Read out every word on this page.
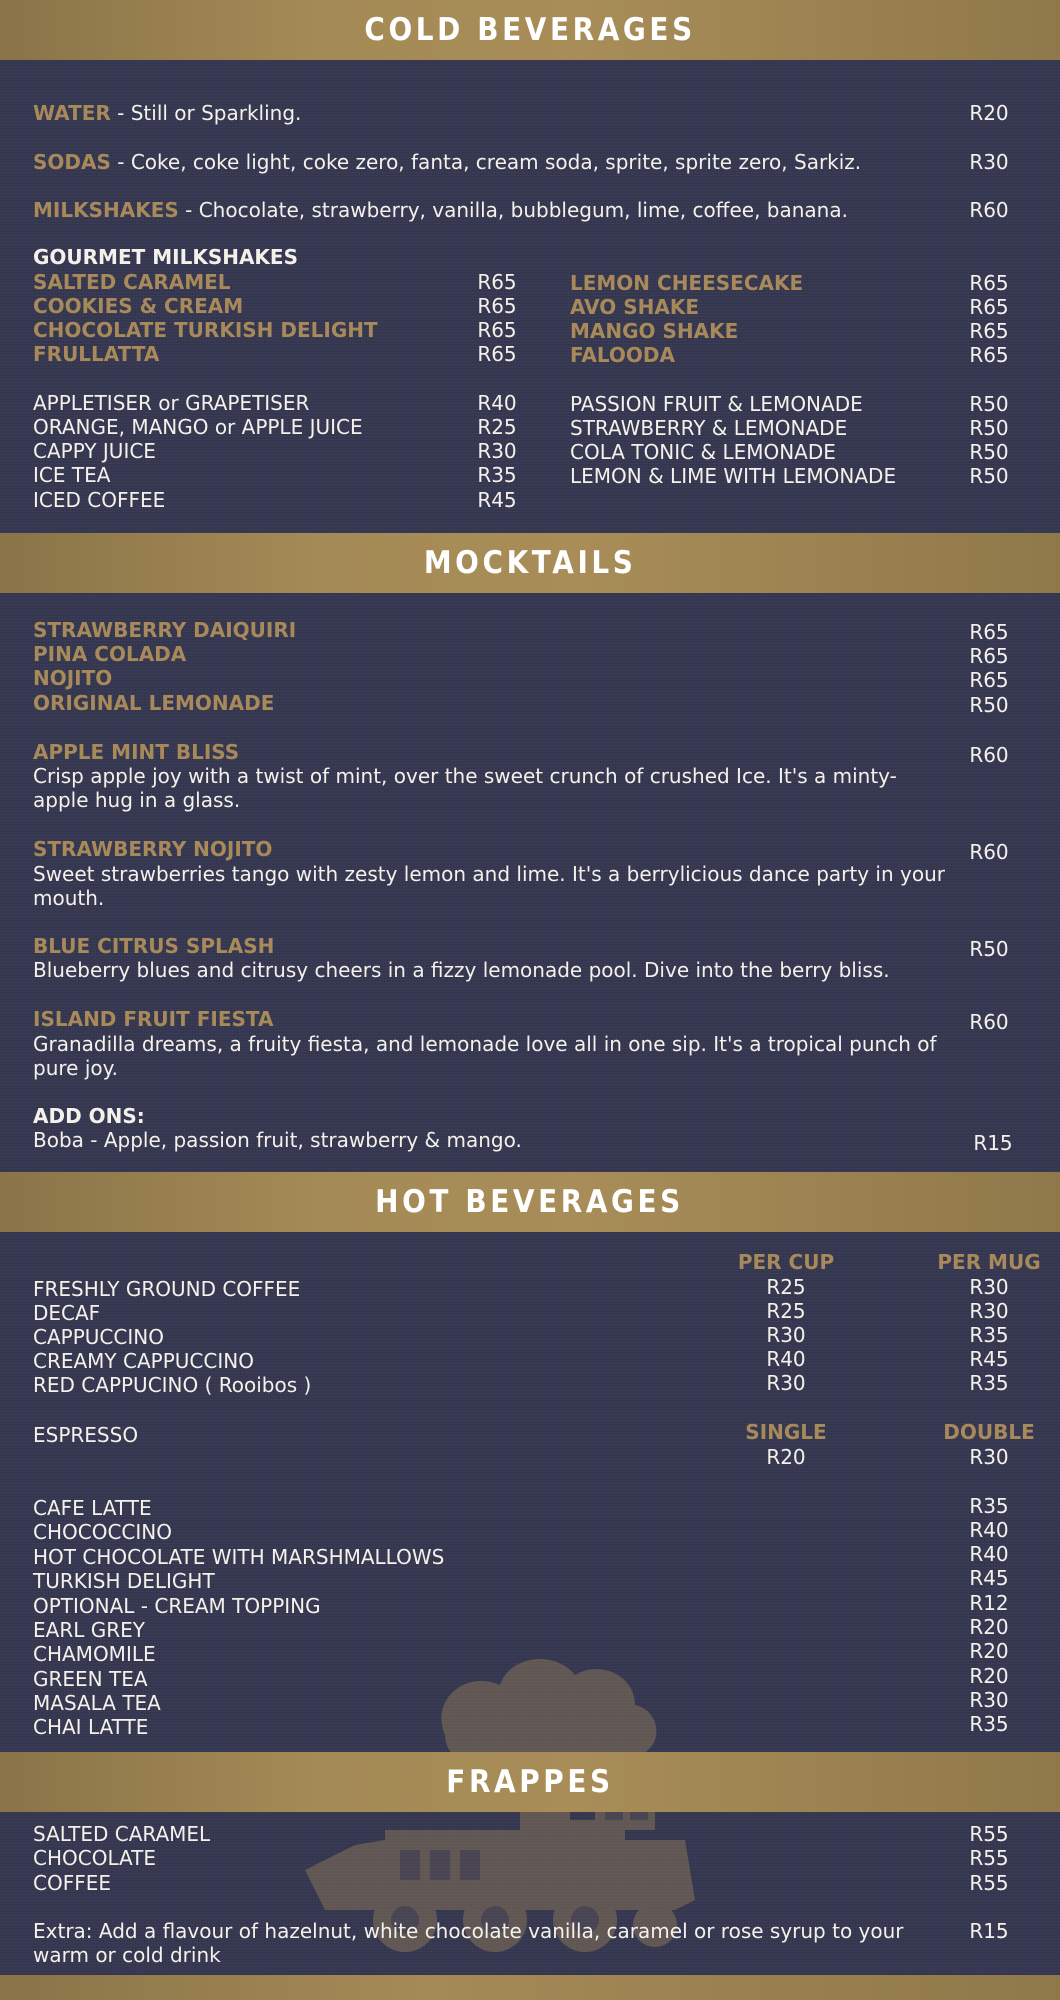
COLD BEVERAGES
WATER - Still or Sparkling.	R20
SODAS - Coke, coke light, coke zero, fanta, cream soda, sprite, sprite zero, Sarkiz.	R30
MILKSHAKES - Chocolate, strawberry, vanilla, bubblegum, lime, coffee, banana.	R60
GOURMET MILKSHAKES
SALTED CARAMEL	R65
COOKIES & CREAM	R65
CHOCOLATE TURKISH DELIGHT	R65
FRULLATTA	R65
LEMON CHEESECAKE	R65
AVO SHAKE	R65
MANGO SHAKE	R65
FALOODA	R65
APPLETISER or GRAPETISER	R40
ORANGE, MANGO or APPLE JUICE	R25
CAPPY JUICE	R30
ICE TEA	R35
ICED COFFEE	R45
PASSION FRUIT & LEMONADE	R50
STRAWBERRY & LEMONADE	R50
COLA TONIC & LEMONADE	R50
LEMON & LIME WITH LEMONADE	R50
MOCKTAILS
STRAWBERRY DAIQUIRI	R65
PINA COLADA	R65
NOJITO	R65
ORIGINAL LEMONADE	R50
APPLE MINT BLISS	R60
Crisp apple joy with a twist of mint, over the sweet crunch of crushed Ice. It's a minty-apple hug in a glass.
STRAWBERRY NOJITO	R60
Sweet strawberries tango with zesty lemon and lime. It's a berrylicious dance party in your mouth.
BLUE CITRUS SPLASH	R50
Blueberry blues and citrusy cheers in a fizzy lemonade pool. Dive into the berry bliss.
ISLAND FRUIT FIESTA	R60
Granadilla dreams, a fruity fiesta, and lemonade love all in one sip. It's a tropical punch of pure joy.
ADD ONS:
Boba - Apple, passion fruit, strawberry & mango.	R15
HOT BEVERAGES
PER CUP	PER MUG
FRESHLY GROUND COFFEE	R25	R30
DECAF	R25	R30
CAPPUCCINO	R30	R35
CREAMY CAPPUCCINO	R40	R45
RED CAPPUCINO ( Rooibos )	R30	R35
ESPRESSO	SINGLE	DOUBLE
R20	R30
CAFE LATTE	R35
CHOCOCCINO	R40
HOT CHOCOLATE WITH MARSHMALLOWS	R40
TURKISH DELIGHT	R45
OPTIONAL - CREAM TOPPING	R12
EARL GREY	R20
CHAMOMILE	R20
GREEN TEA	R20
MASALA TEA	R30
CHAI LATTE	R35
FRAPPES
SALTED CARAMEL	R55
CHOCOLATE	R55
COFFEE	R55
Extra: Add a flavour of hazelnut, white chocolate vanilla, caramel or rose syrup to your warm or cold drink
R15
